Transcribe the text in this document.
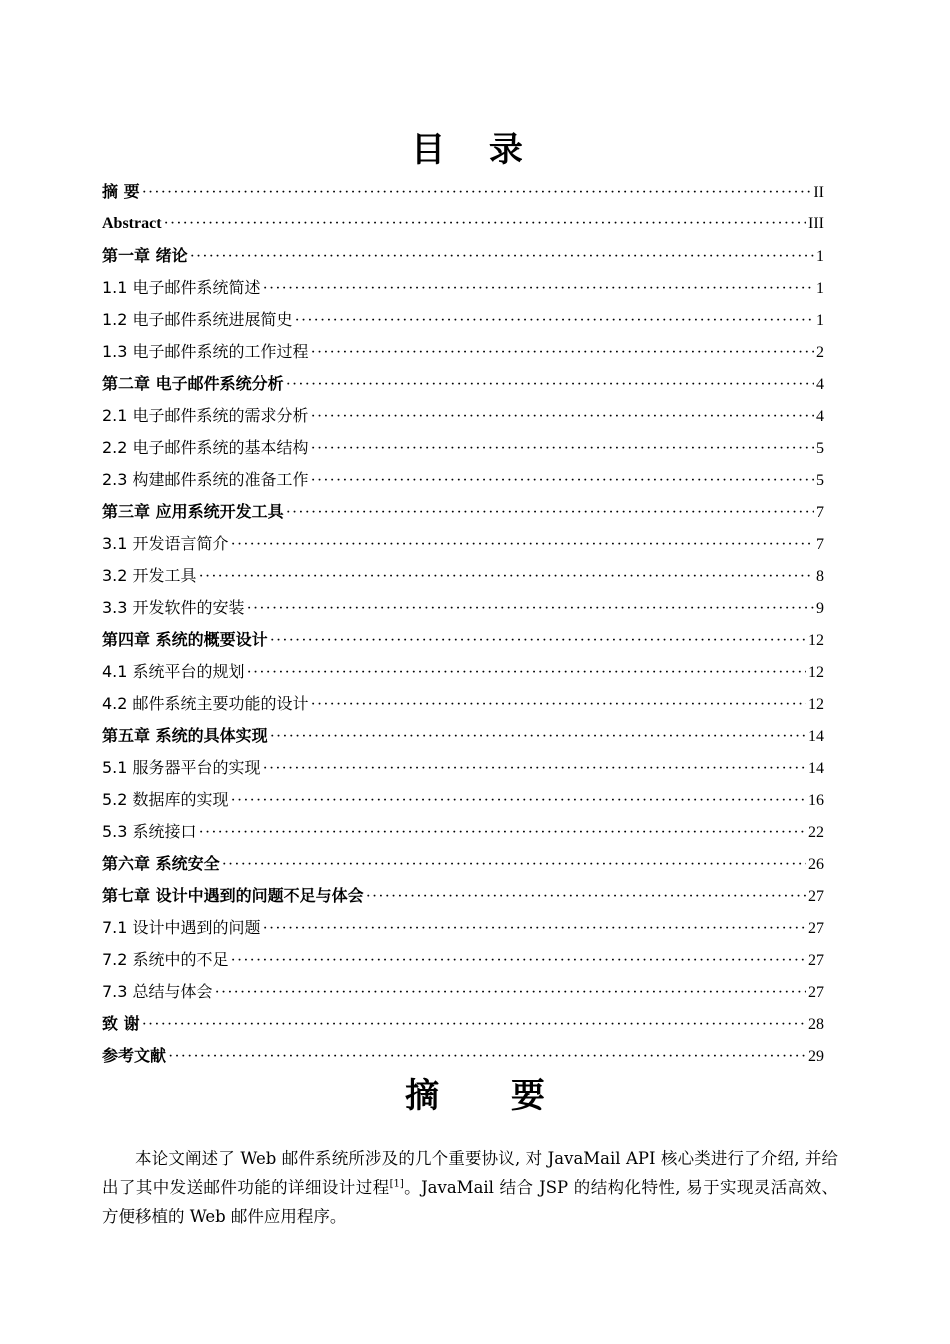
目 录
摘 要 ·····	II
Abstract ·····	III
第一章 绪论 ·····	1
1.1 电子邮件系统简述 ·····	1
1.2 电子邮件系统进展简史 ·····	1
1.3 电子邮件系统的工作过程 ·····	2
第二章 电子邮件系统分析 ·····	4
2.1 电子邮件系统的需求分析 ·····	4
2.2 电子邮件系统的基本结构 ·····	5
2.3 构建邮件系统的准备工作 ·····	5
第三章 应用系统开发工具 ·····	7
3.1 开发语言简介 ·····	7
3.2 开发工具 ·····	8
3.3 开发软件的安装 ·····	9
第四章 系统的概要设计 ·····	12
4.1 系统平台的规划 ·····	12
4.2 邮件系统主要功能的设计 ·····	12
第五章 系统的具体实现 ·····	14
5.1 服务器平台的实现 ·····	14
5.2 数据库的实现 ·····	16
5.3 系统接口 ·····	22
第六章 系统安全 ·····	26
第七章 设计中遇到的问题不足与体会 ·····	27
7.1 设计中遇到的问题 ·····	27
7.2 系统中的不足 ·····	27
7.3 总结与体会 ·····	27
致 谢 ·····	28
参考文献 ·····	29
摘 要

本论文阐述了 Web 邮件系统所涉及的几个重要协议, 对 JavaMail API 核心类进行了介绍, 并给出了其中发送邮件功能的详细设计过程[1]。JavaMail 结合 JSP 的结构化特性, 易于实现灵活高效、方便移植的 Web 邮件应用程序。
